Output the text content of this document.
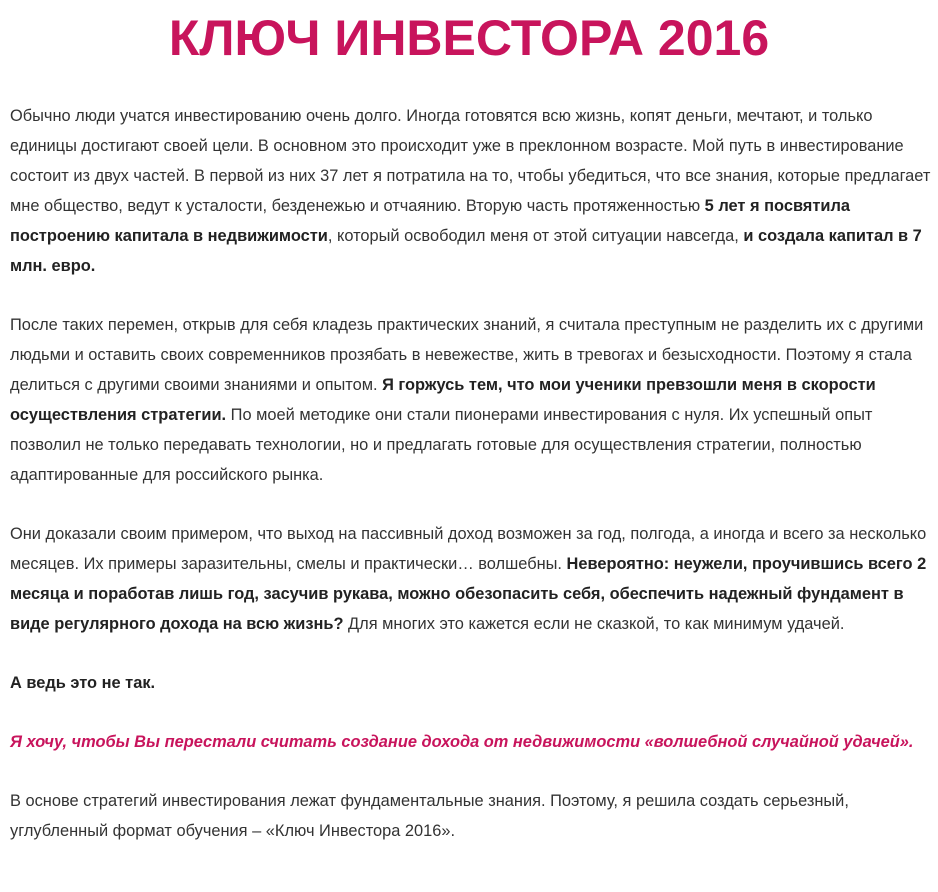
КЛЮЧ ИНВЕСТОРА 2016

Обычно люди учатся инвестированию очень долго. Иногда готовятся всю жизнь, копят деньги, мечтают, и только единицы достигают своей цели. В основном это происходит уже в преклонном возрасте. Мой путь в инвестирование состоит из двух частей. В первой из них 37 лет я потратила на то, чтобы убедиться, что все знания, которые предлагает мне общество, ведут к усталости, безденежью и отчаянию. Вторую часть протяженностью 5 лет я посвятила построению капитала в недвижимости, который освободил меня от этой ситуации навсегда, и создала капитал в 7 млн. евро.

После таких перемен, открыв для себя кладезь практических знаний, я считала преступным не разделить их с другими людьми и оставить своих современников прозябать в невежестве, жить в тревогах и безысходности. Поэтому я стала делиться с другими своими знаниями и опытом. Я горжусь тем, что мои ученики превзошли меня в скорости осуществления стратегии. По моей методике они стали пионерами инвестирования с нуля. Их успешный опыт позволил не только передавать технологии, но и предлагать готовые для осуществления стратегии, полностью адаптированные для российского рынка.

Они доказали своим примером, что выход на пассивный доход возможен за год, полгода, а иногда и всего за несколько месяцев. Их примеры заразительны, смелы и практически… волшебны. Невероятно: неужели, проучившись всего 2 месяца и поработав лишь год, засучив рукава, можно обезопасить себя, обеспечить надежный фундамент в виде регулярного дохода на всю жизнь? Для многих это кажется если не сказкой, то как минимум удачей.

А ведь это не так.

Я хочу, чтобы Вы перестали считать создание дохода от недвижимости «волшебной случайной удачей».

В основе стратегий инвестирования лежат фундаментальные знания. Поэтому, я решила создать серьезный, углубленный формат обучения – «Ключ Инвестора 2016».
